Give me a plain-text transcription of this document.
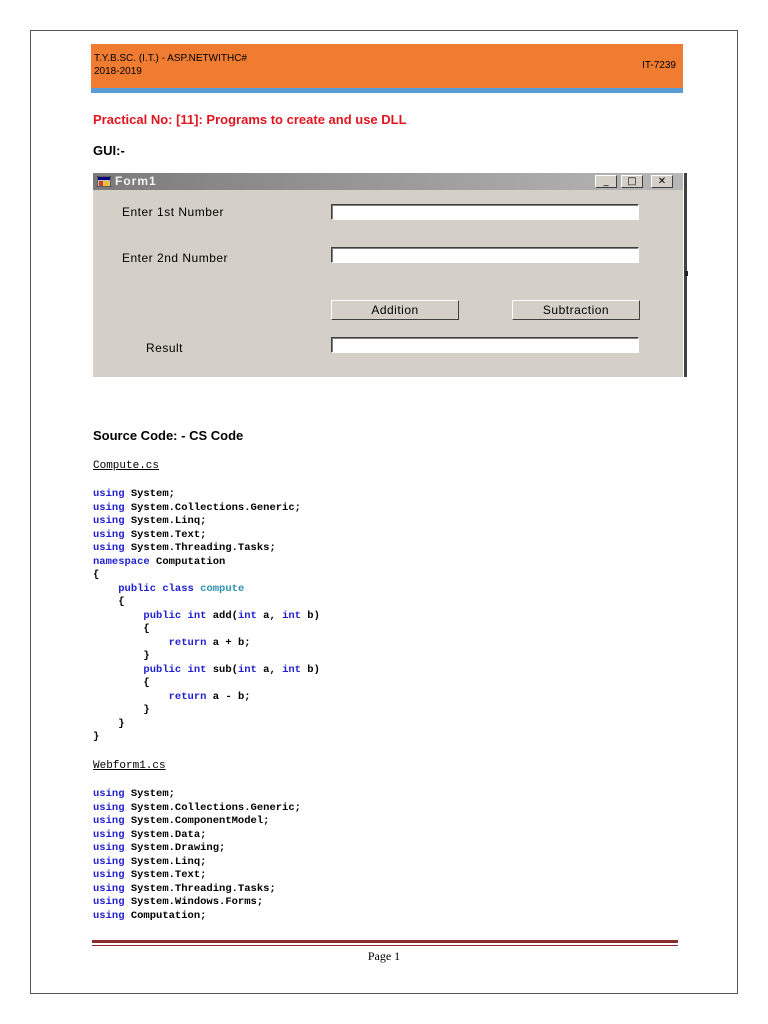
T.Y.B.SC. (I.T.) - ASP.NETWITHC#
2018-2019
IT-7239
Practical No: [11]: Programs to create and use DLL
GUI:-
Form1	_	□	✕
Enter 1st Number
Enter 2nd Number
Addition	Subtraction
Result
Source Code: - CS Code
Compute.cs
using System;
using System.Collections.Generic;
using System.Linq;
using System.Text;
using System.Threading.Tasks;
namespace Computation
{
public class compute
{
public int add(int a, int b)
{
return a + b;
}
public int sub(int a, int b)
{
return a - b;
}
}
}
Webform1.cs
using System;
using System.Collections.Generic;
using System.ComponentModel;
using System.Data;
using System.Drawing;
using System.Linq;
using System.Text;
using System.Threading.Tasks;
using System.Windows.Forms;
using Computation;
Page 1
